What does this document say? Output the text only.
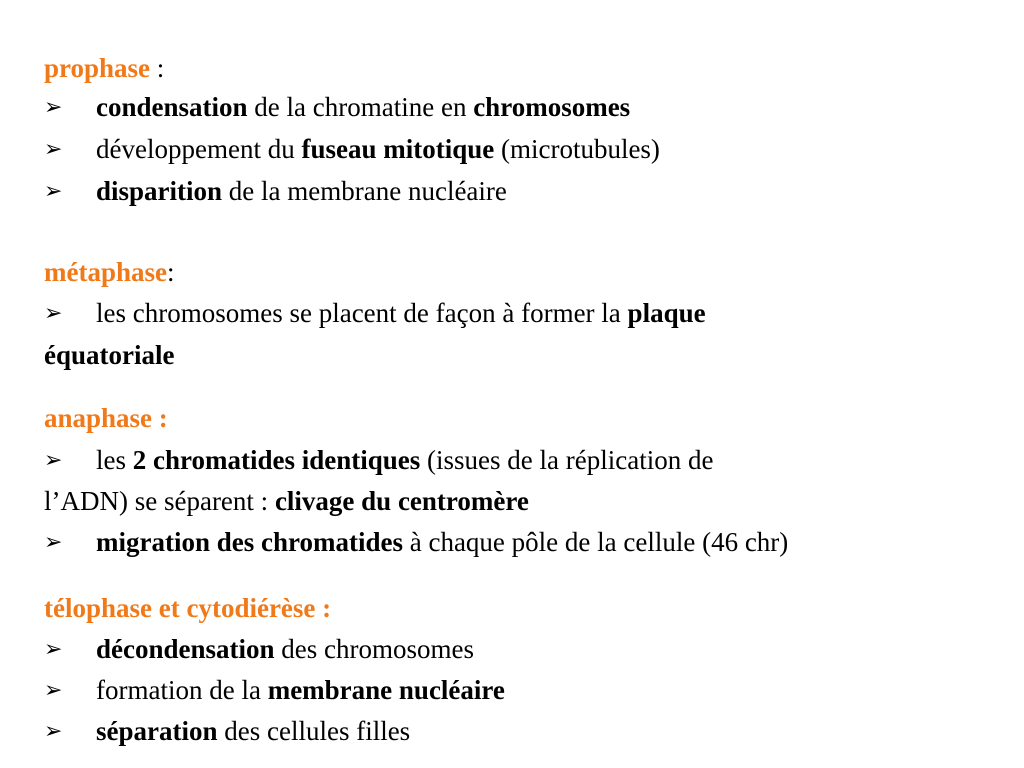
prophase :
➢ condensation de la chromatine en chromosomes
➢ développement du fuseau mitotique (microtubules)
➢ disparition de la membrane nucléaire
métaphase:
➢ les chromosomes se placent de façon à former la plaque
équatoriale
anaphase :
➢ les 2 chromatides identiques (issues de la réplication de
l’ADN) se séparent : clivage du centromère
➢ migration des chromatides à chaque pôle de la cellule (46 chr)
télophase et cytodiérèse :
➢ décondensation des chromosomes
➢ formation de la membrane nucléaire
➢ séparation des cellules filles
